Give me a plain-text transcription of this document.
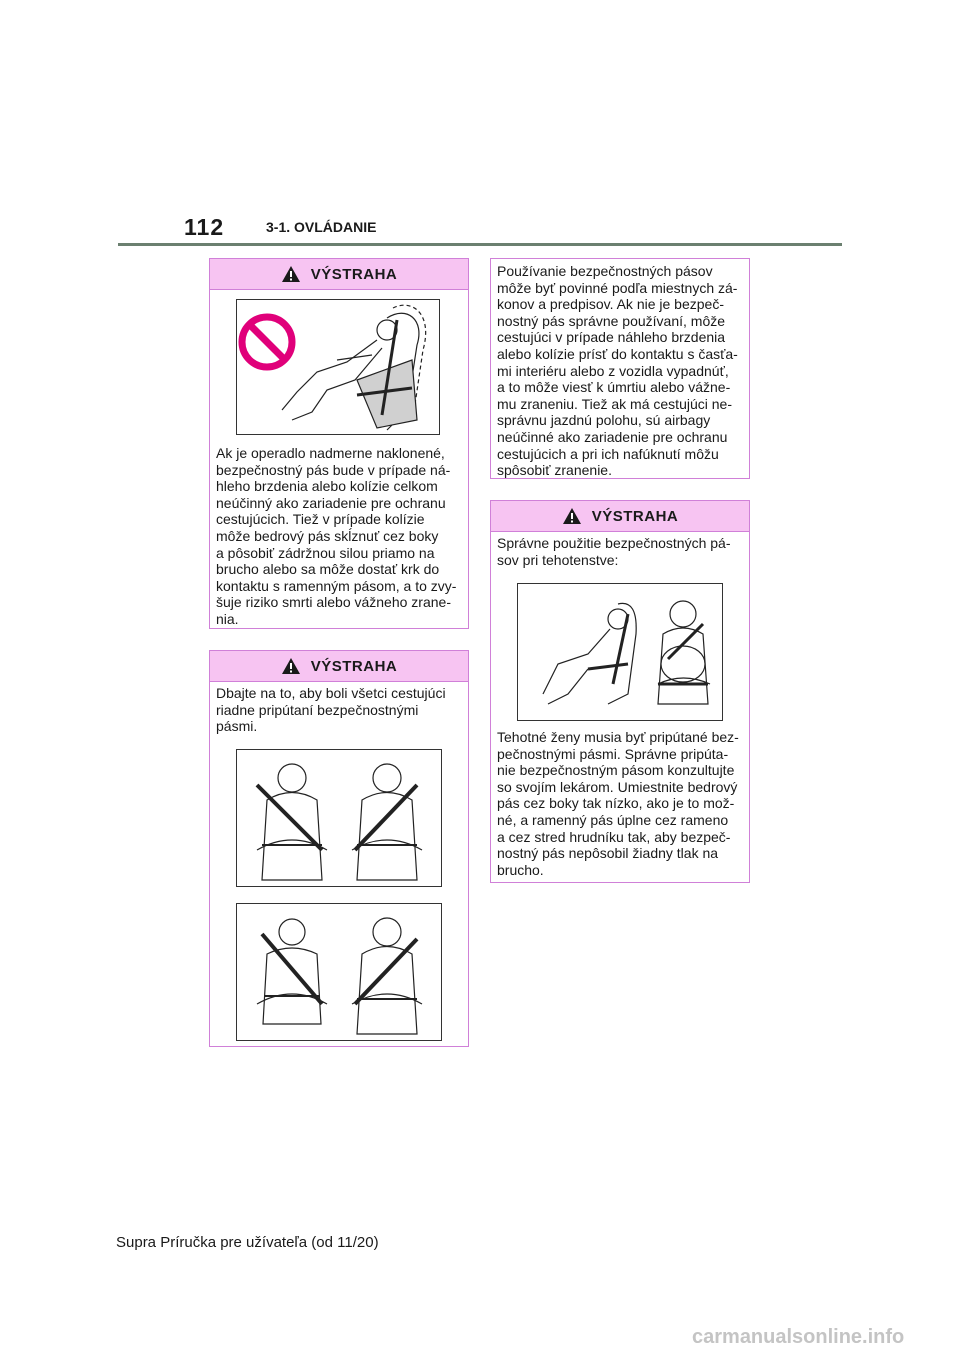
112	3-1. OVLÁDANIE
VÝSTRAHA
Ak je operadlo nadmerne naklonené,
bezpečnostný pás bude v prípade ná-
hleho brzdenia alebo kolízie celkom
neúčinný ako zariadenie pre ochranu
cestujúcich. Tiež v prípade kolízie
môže bedrový pás skĺznuť cez boky
a pôsobiť zádržnou silou priamo na
brucho alebo sa môže dostať krk do
kontaktu s ramenným pásom, a to zvy-
šuje riziko smrti alebo vážneho zrane-
nia.
VÝSTRAHA
Dbajte na to, aby boli všetci cestujúci
riadne pripútaní bezpečnostnými
pásmi.
Používanie bezpečnostných pásov
môže byť povinné podľa miestnych zá-
konov a predpisov. Ak nie je bezpeč-
nostný pás správne používaní, môže
cestujúci v prípade náhleho brzdenia
alebo kolízie prísť do kontaktu s časťa-
mi interiéru alebo z vozidla vypadnúť,
a to môže viesť k úmrtiu alebo vážne-
mu zraneniu. Tiež ak má cestujúci ne-
správnu jazdnú polohu, sú airbagy
neúčinné ako zariadenie pre ochranu
cestujúcich a pri ich nafúknutí môžu
spôsobiť zranenie.
VÝSTRAHA
Správne použitie bezpečnostných pá-
sov pri tehotenstve:
Tehotné ženy musia byť pripútané bez-
pečnostnými pásmi. Správne pripúta-
nie bezpečnostným pásom konzultujte
so svojím lekárom. Umiestnite bedrový
pás cez boky tak nízko, ako je to mož-
né, a ramenný pás úplne cez rameno
a cez stred hrudníku tak, aby bezpeč-
nostný pás nepôsobil žiadny tlak na
brucho.
Supra Príručka pre užívateľa (od 11/20)
carmanualsonline.info
